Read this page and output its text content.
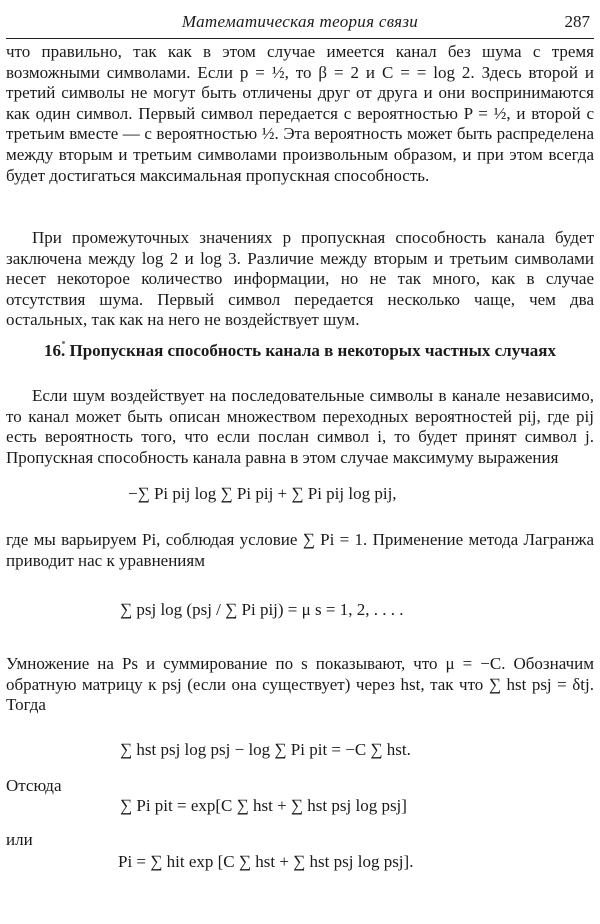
Математическая теория связи	287

что правильно, так как в этом случае имеется канал без шума с тремя возможными символами. Если p = ½, то β = 2 и C = = log 2. Здесь второй и третий символы не могут быть отличены друг от друга и они воспринимаются как один символ. Первый символ передается с вероятностью P = ½, и второй с третьим вместе — с вероятностью ½. Эта вероятность может быть распределена между вторым и третьим символами произвольным образом, и при этом всегда будет достигаться максимальная пропускная способность.

При промежуточных значениях p пропускная способность канала будет заключена между log 2 и log 3. Различие между вторым и третьим символами несет некоторое количество информации, но не так много, как в случае отсутствия шума. Первый символ передается несколько чаще, чем два остальных, так как на него не воздействует шум.

16. Пропускная способность канала в некоторых частных случаях

Если шум воздействует на последовательные символы в канале независимо, то канал может быть описан множеством переходных вероятностей pij, где pij есть вероятность того, что если послан символ i, то будет принят символ j. Пропускная способность канала равна в этом случае максимуму выражения

−∑ Pi pij log ∑ Pi pij + ∑ Pi pij log pij,

где мы варьируем Pi, соблюдая условие ∑ Pi = 1. Применение метода Лагранжа приводит нас к уравнениям

∑ psj log (psj / ∑ Pi pij) = μ s = 1, 2, . . . .

Умножение на Ps и суммирование по s показывают, что μ = −C. Обозначим обратную матрицу к psj (если она существует) через hst, так что ∑ hst psj = δtj. Тогда

∑ hst psj log psj − log ∑ Pi pit = −C ∑ hst.

Отсюда

∑ Pi pit = exp[C ∑ hst + ∑ hst psj log psj]

или

Pi = ∑ hit exp [C ∑ hst + ∑ hst psj log psj].
